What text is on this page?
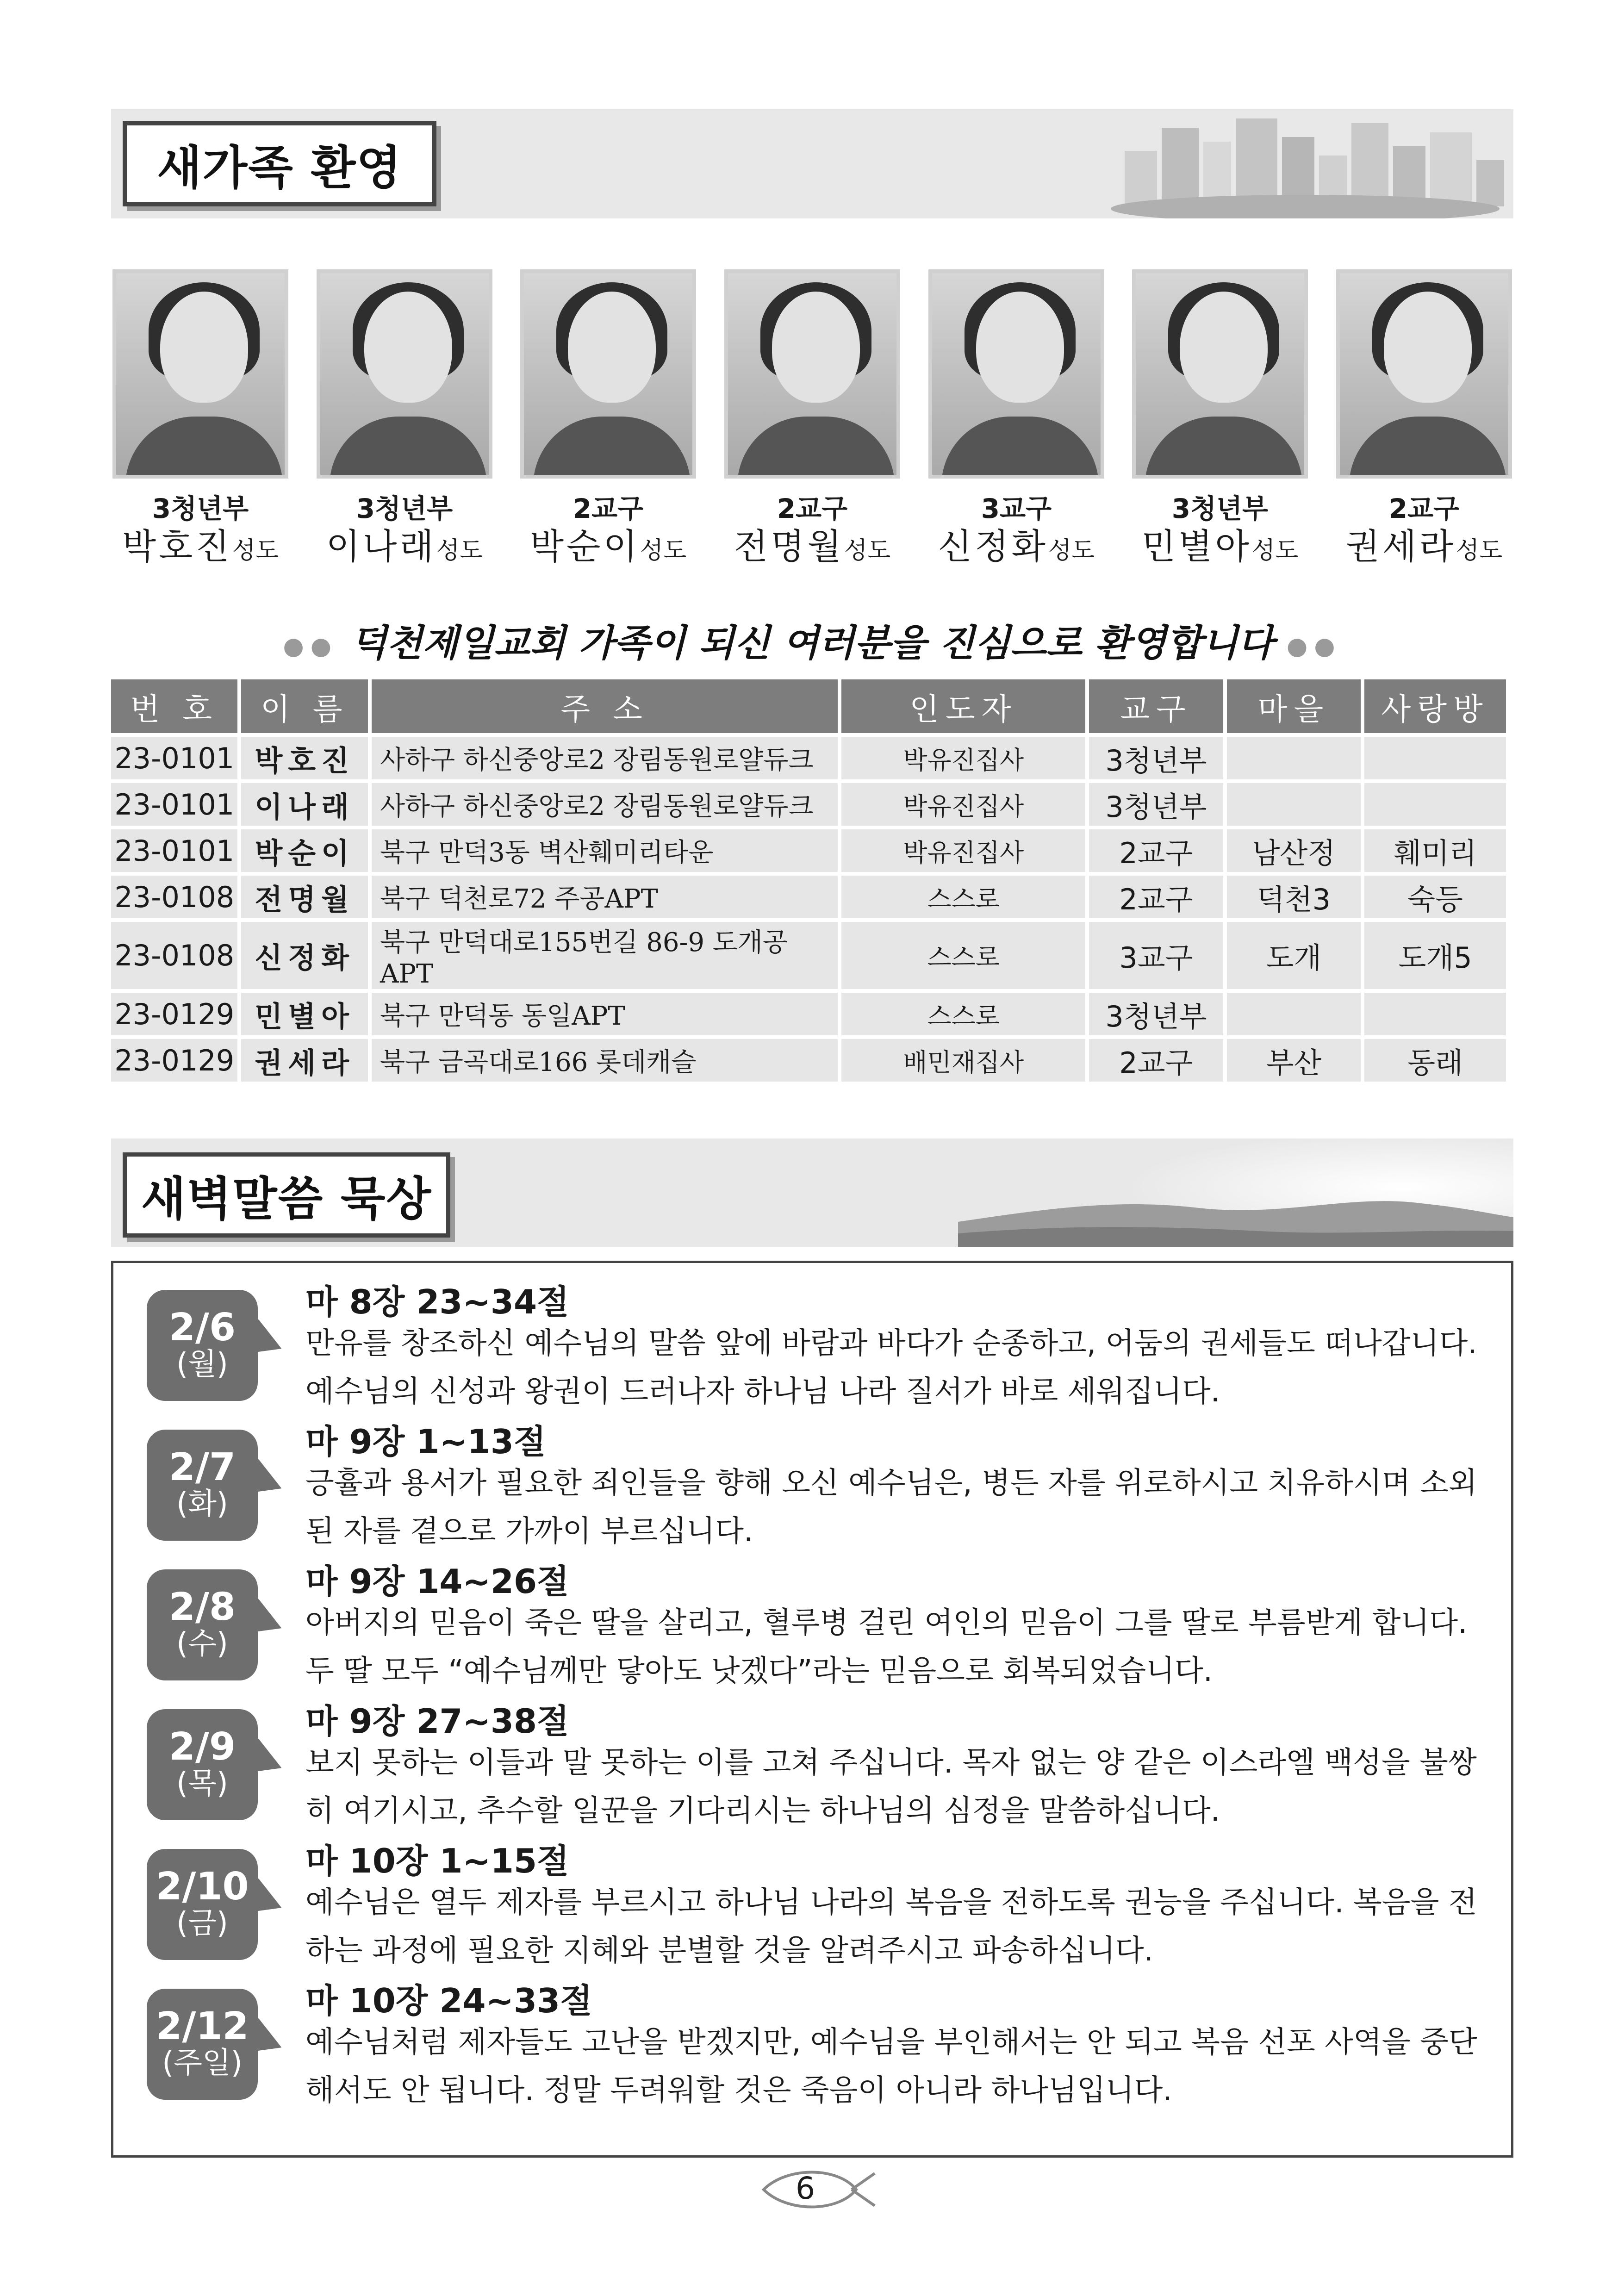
새가족 환영
3청년부
박호진성도
3청년부
이나래성도
2교구
박순이성도
2교구
전명월성도
3교구
신정화성도
3청년부
민별아성도
2교구
권세라성도
●● 덕천제일교회 가족이 되신 여러분을 진심으로 환영합니다 ●●
번 호	이 름	주 소	인도자	교구	마을	사랑방
23-0101	박호진	사하구 하신중앙로2 장림동원로얄듀크	박유진집사	3청년부		
23-0101	이나래	사하구 하신중앙로2 장림동원로얄듀크	박유진집사	3청년부		
23-0101	박순이	북구 만덕3동 벽산훼미리타운	박유진집사	2교구	남산정	훼미리
23-0108	전명월	북구 덕천로72 주공APT	스스로	2교구	덕천3	숙등
23-0108	신정화	북구 만덕대로155번길 86-9 도개공APT	스스로	3교구	도개	도개5
23-0129	민별아	북구 만덕동 동일APT	스스로	3청년부		
23-0129	권세라	북구 금곡대로166 롯데캐슬	배민재집사	2교구	부산	동래
새벽말씀 묵상
2/6
(월)
마 8장 23~34절
만유를 창조하신 예수님의 말씀 앞에 바람과 바다가 순종하고, 어둠의 권세들도 떠나갑니다. 예수님의 신성과 왕권이 드러나자 하나님 나라 질서가 바로 세워집니다.
2/7
(화)
마 9장 1~13절
긍휼과 용서가 필요한 죄인들을 향해 오신 예수님은, 병든 자를 위로하시고 치유하시며 소외된 자를 곁으로 가까이 부르십니다.
2/8
(수)
마 9장 14~26절
아버지의 믿음이 죽은 딸을 살리고, 혈루병 걸린 여인의 믿음이 그를 딸로 부름받게 합니다. 두 딸 모두 “예수님께만 닿아도 낫겠다”라는 믿음으로 회복되었습니다.
2/9
(목)
마 9장 27~38절
보지 못하는 이들과 말 못하는 이를 고쳐 주십니다. 목자 없는 양 같은 이스라엘 백성을 불쌍히 여기시고, 추수할 일꾼을 기다리시는 하나님의 심정을 말씀하십니다.
2/10
(금)
마 10장 1~15절
예수님은 열두 제자를 부르시고 하나님 나라의 복음을 전하도록 권능을 주십니다. 복음을 전하는 과정에 필요한 지혜와 분별할 것을 알려주시고 파송하십니다.
2/12
(주일)
마 10장 24~33절
예수님처럼 제자들도 고난을 받겠지만, 예수님을 부인해서는 안 되고 복음 선포 사역을 중단해서도 안 됩니다. 정말 두려워할 것은 죽음이 아니라 하나님입니다.
6
